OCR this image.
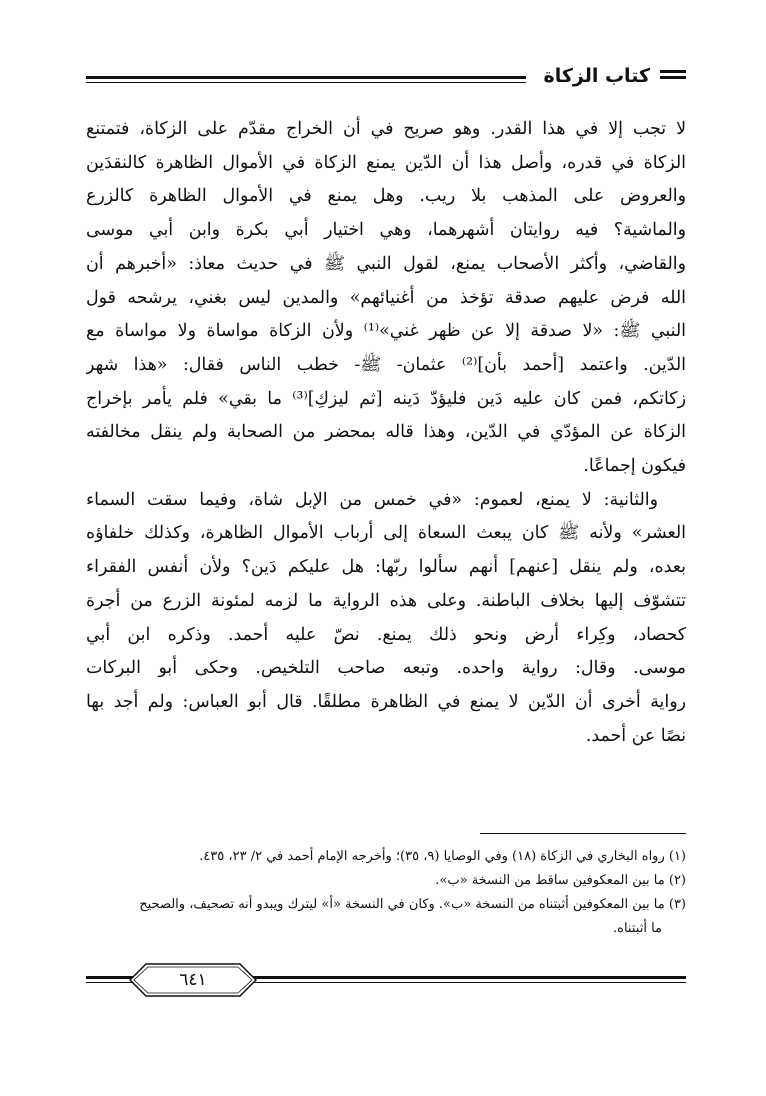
كتاب الزكاة
لا تجب إلا في هذا القدر. وهو صريح في أن الخراج مقدّم على الزكاة، فتمتنع
الزكاة في قدره، وأصل هذا أن الدّين يمنع الزكاة في الأموال الظاهرة كالنقدَين
والعروض على المذهب بلا ريب. وهل يمنع في الأموال الظاهرة كالزرع
والماشية؟ فيه روايتان أشهرهما، وهي اختيار أبي بكرة وابن أبي موسى
والقاضي، وأكثر الأصحاب يمنع، لقول النبي ﷺ في حديث معاذ: «أخبرهم أن
الله فرض عليهم صدقة تؤخذ من أغنيائهم» والمدين ليس بغني، يرشحه قول
النبي ﷺ: «لا صدقة إلا عن ظهر غني»⁽¹⁾ ولأن الزكاة مواساة ولا مواساة مع
الدّين. واعتمد [أحمد بأن]⁽²⁾ عثمان- ﷺ- خطب الناس فقال: «هذا شهر
زكاتكم، فمن كان عليه دَين فليؤدّ دَينه [ثم ليزكِ]⁽³⁾ ما بقي» فلم يأمر بإخراج
الزكاة عن المؤدّي في الدّين، وهذا قاله بمحضر من الصحابة ولم ينقل مخالفته
فيكون إجماعًا.
والثانية: لا يمنع، لعموم: «في خمس من الإبل شاة، وفيما سقت السماء
العشر» ولأنه ﷺ كان يبعث السعاة إلى أرباب الأموال الظاهرة، وكذلك خلفاؤه
بعده، ولم ينقل [عنهم] أنهم سألوا ربّها: هل عليكم دَين؟ ولأن أنفس الفقراء
تتشوّف إليها بخلاف الباطنة. وعلى هذه الرواية ما لزمه لمئونة الزرع من أجرة
كحصاد، وكِراء أرض ونحو ذلك يمنع. نصّ عليه أحمد. وذكره ابن أبي
موسى. وقال: رواية واحده. وتبعه صاحب التلخيص. وحكى أبو البركات
رواية أخرى أن الدّين لا يمنع في الظاهرة مطلقًا. قال أبو العباس: ولم أجد بها
نصًا عن أحمد.
(١) رواه البخاري في الزكاة (١٨) وفي الوصايا (٩، ٣٥)؛ وأخرجه الإمام أحمد في ٢/ ٢٣، ٤٣٥.
(٢) ما بين المعكوفين ساقط من النسخة «ب».
(٣) ما بين المعكوفين أثبتناه من النسخة «ب». وكان في النسخة «أ» ليترك ويبدو أنه تصحيف، والصحيح
ما أثبتناه.
٦٤١
